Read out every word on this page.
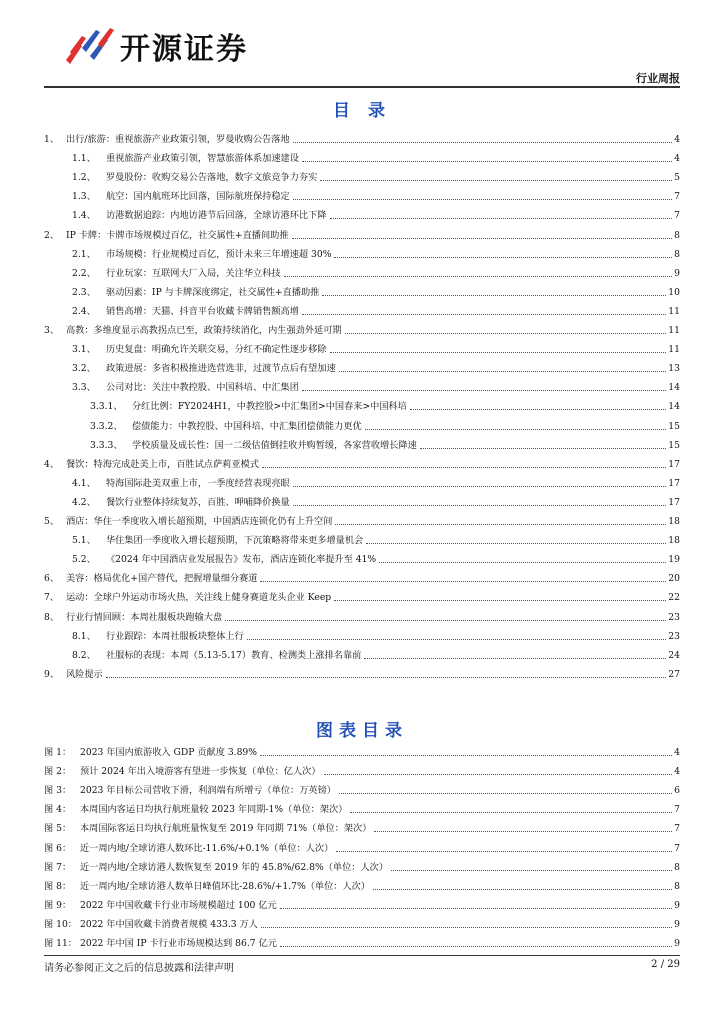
开源证券
行业周报
目 录
1、 出行/旅游：重视旅游产业政策引领，罗曼收购公告落地	4
1.1、	重视旅游产业政策引领，智慧旅游体系加速建设	4
1.2、	罗曼股份：收购交易公告落地，数字文旅竞争力夯实	5
1.3、	航空：国内航班环比回落，国际航班保持稳定	7
1.4、	访港数据追踪：内地访港节后回落，全球访港环比下降	7
2、 IP 卡牌：卡牌市场规模过百亿，社交属性+直播间助推	8
2.1、	市场规模：行业规模过百亿，预计未来三年增速超 30%	8
2.2、	行业玩家：互联网大厂入局，关注华立科技	9
2.3、	驱动因素：IP 与卡牌深度绑定，社交属性+直播助推	10
2.4、	销售高增：天猫、抖音平台收藏卡牌销售额高增	11
3、 高教：多维度显示高教拐点已至，政策持续消化，内生强劲外延可期	11
3.1、	历史复盘：明确允许关联交易，分红不确定性逐步移除	11
3.2、	政策进展：多省积极推进选营选非，过渡节点后有望加速	13
3.3、	公司对比：关注中教控股、中国科培、中汇集团	14
3.3.1、	分红比例：FY2024H1，中教控股>中汇集团>中国春来>中国科培	14
3.3.2、	偿债能力：中教控股、中国科培、中汇集团偿债能力更优	15
3.3.3、	学校质量及成长性：国一二级估值倒挂收并购暂缓，各家营收增长降速	15
4、 餐饮：特海完成赴美上市，百胜试点萨莉亚模式	17
4.1、	特海国际赴美双重上市，一季度经营表现亮眼	17
4.2、	餐饮行业整体持续复苏，百胜、呷哺降价换量	17
5、 酒店：华住一季度收入增长超预期，中国酒店连锁化仍有上升空间	18
5.1、	华住集团一季度收入增长超预期，下沉策略将带来更多增量机会	18
5.2、	《2024 年中国酒店业发展报告》发布，酒店连锁化率提升至 41%	19
6、 美容：格局优化+国产替代，把握增量细分赛道	20
7、 运动：全球户外运动市场火热，关注线上健身赛道龙头企业 Keep	22
8、 行业行情回顾：本周社服板块跑输大盘	23
8.1、	行业跟踪：本周社服板块整体上行	23
8.2、	社服标的表现：本周（5.13-5.17）教育、检测类上涨排名靠前	24
9、 风险提示	27
图表目录
图 1： 2023 年国内旅游收入 GDP 贡献度 3.89%	4
图 2： 预计 2024 年出入境游客有望进一步恢复（单位：亿人次）	4
图 3： 2023 年目标公司营收下滑，利润端有所增亏（单位：万英镑）	6
图 4： 本周国内客运日均执行航班量较 2023 年同期-1%（单位：架次）	7
图 5： 本周国际客运日均执行航班量恢复至 2019 年同期 71%（单位：架次）	7
图 6： 近一周内地/全球访港人数环比-11.6%/+0.1%（单位：人次）	7
图 7： 近一周内地/全球访港人数恢复至 2019 年的 45.8%/62.8%（单位：人次）	8
图 8： 近一周内地/全球访港人数单日峰值环比-28.6%/+1.7%（单位：人次）	8
图 9： 2022 年中国收藏卡行业市场规模超过 100 亿元	9
图 10： 2022 年中国收藏卡消费者规模 433.3 万人	9
图 11： 2022 年中国 IP 卡行业市场规模达到 86.7 亿元	9
请务必参阅正文之后的信息披露和法律声明	2 / 29
